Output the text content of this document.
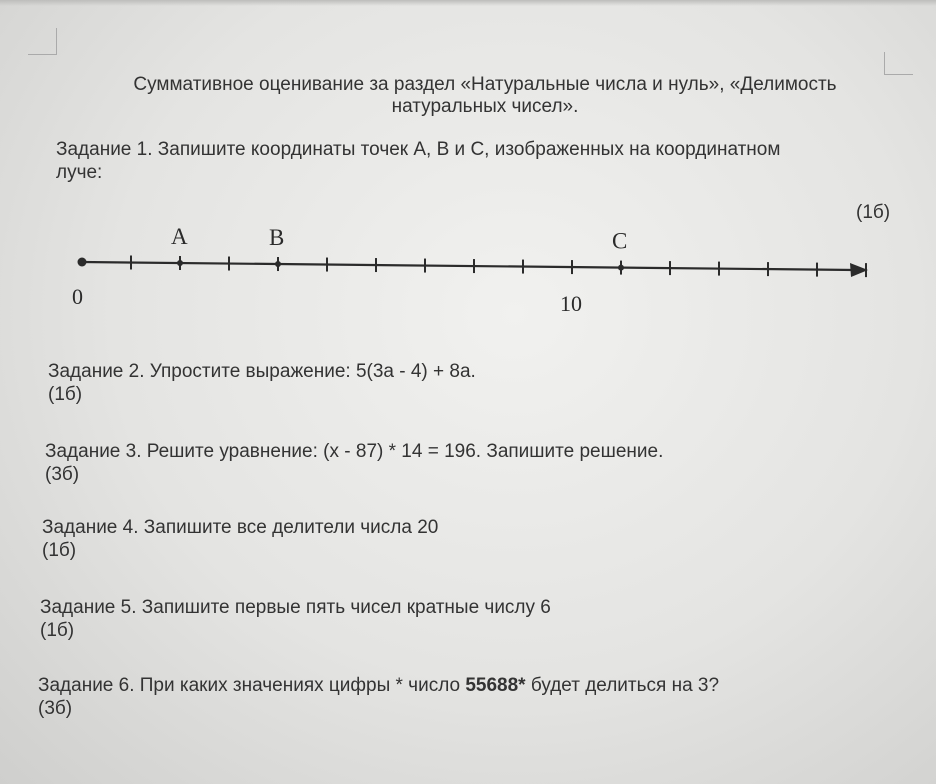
Суммативное оценивание за раздел «Натуральные числа и нуль», «Делимость
натуральных чисел».
Задание 1. Запишите координаты точек А, В и С, изображенных на координатном
луче:
(1б)
0	10
A	B	C
Задание 2. Упростите выражение: 5(3a - 4) + 8a.
(1б)
Задание 3. Решите уравнение: (x - 87) * 14 = 196. Запишите решение.
(3б)
Задание 4. Запишите все делители числа 20
(1б)
Задание 5. Запишите первые пять чисел кратные числу 6
(1б)
Задание 6. При каких значениях цифры * число 55688* будет делиться на 3?
(3б)
